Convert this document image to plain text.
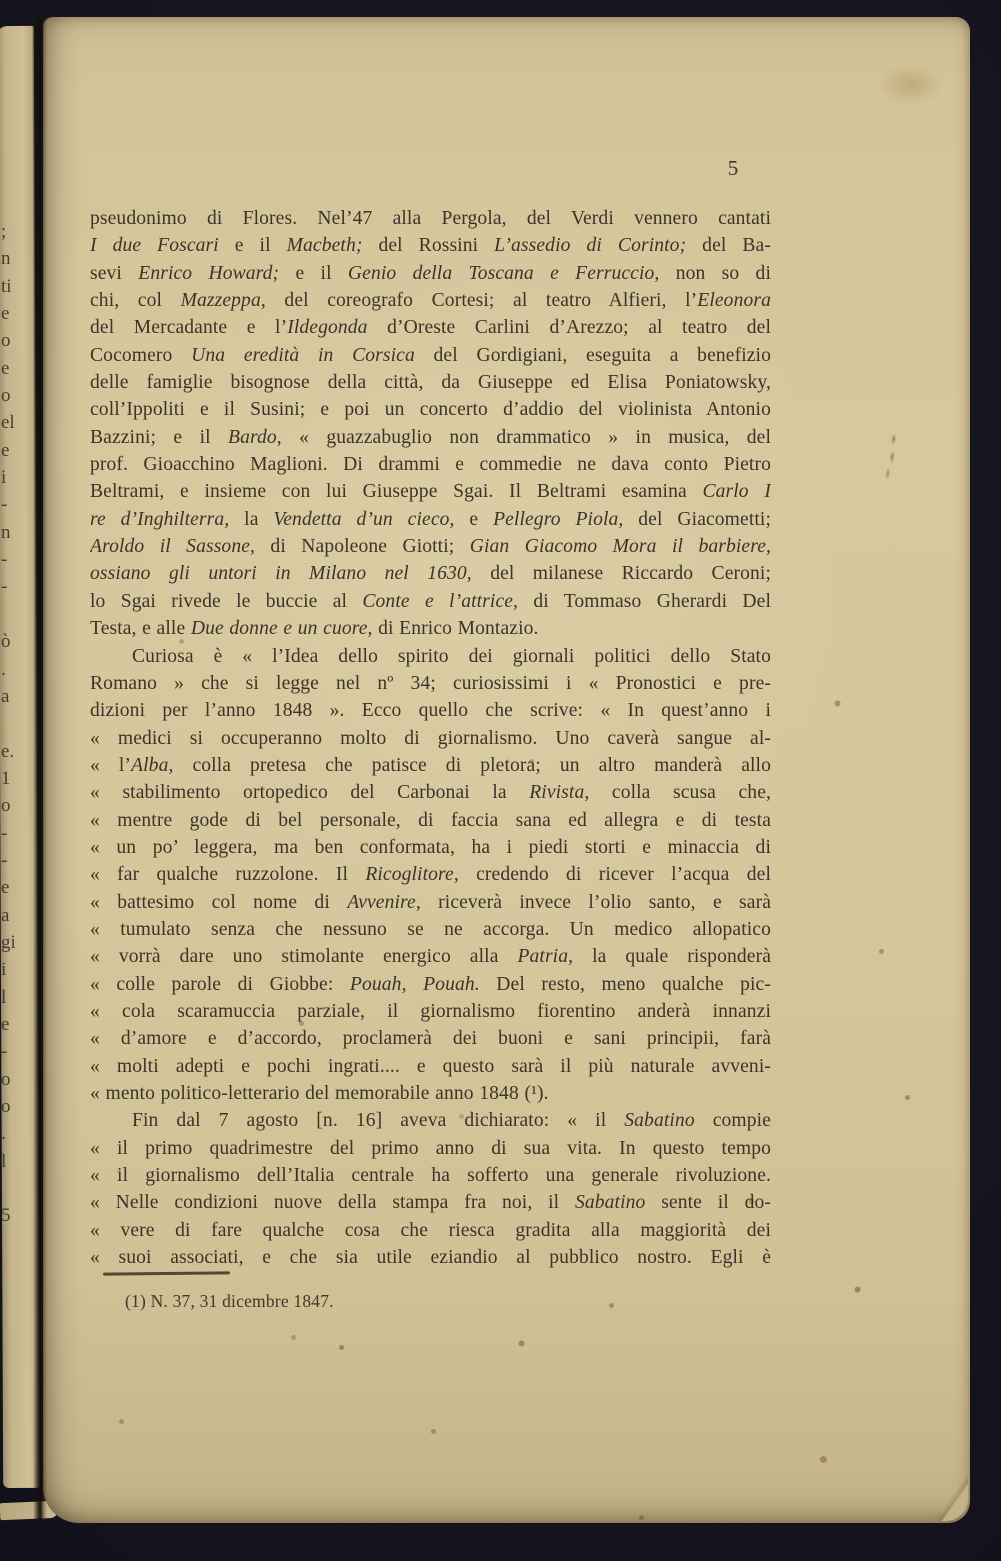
;
n
ti
e
o
e
o
el
e
i
-
n
-
-
ò
.
a
e.
1
o
-
-
e
a
gi
i
l
e
-
o
o
.
l
5
5
pseudonimo di Flores. Nel’47 alla Pergola, del Verdi vennero cantati
I due Foscari e il Macbeth; del Rossini L’assedio di Corinto; del Ba-
sevi Enrico Howard; e il Genio della Toscana e Ferruccio, non so di
chi, col Mazzeppa, del coreografo Cortesi; al teatro Alfieri, l’Eleonora
del Mercadante e l’Ildegonda d’Oreste Carlini d’Arezzo; al teatro del
Cocomero Una eredità in Corsica del Gordigiani, eseguita a benefizio
delle famiglie bisognose della città, da Giuseppe ed Elisa Poniatowsky,
coll’Ippoliti e il Susini; e poi un concerto d’addio del violinista Antonio
Bazzini; e il Bardo, « guazzabuglio non drammatico » in musica, del
prof. Gioacchino Maglioni. Di drammi e commedie ne dava conto Pietro
Beltrami, e insieme con lui Giuseppe Sgai. Il Beltrami esamina Carlo I
re d’Inghilterra, la Vendetta d’un cieco, e Pellegro Piola, del Giacometti;
Aroldo il Sassone, di Napoleone Giotti; Gian Giacomo Mora il barbiere,
ossiano gli untori in Milano nel 1630, del milanese Riccardo Ceroni;
lo Sgai rivede le buccie al Conte e l’attrice, di Tommaso Gherardi Del
Testa, e alle Due donne e un cuore, di Enrico Montazio.
Curiosa è « l’Idea dello spirito dei giornali politici dello Stato
Romano » che si legge nel nº 34; curiosissimi i « Pronostici e pre-
dizioni per l’anno 1848 ». Ecco quello che scrive: « In quest’anno i
« medici si occuperanno molto di giornalismo. Uno caverà sangue al-
« l’Alba, colla pretesa che patisce di pletora; un altro manderà allo
« stabilimento ortopedico del Carbonai la Rivista, colla scusa che,
« mentre gode di bel personale, di faccia sana ed allegra e di testa
« un po’ leggera, ma ben conformata, ha i piedi storti e minaccia di
« far qualche ruzzolone. Il Ricoglitore, credendo di ricever l’acqua del
« battesimo col nome di Avvenire, riceverà invece l’olio santo, e sarà
« tumulato senza che nessuno se ne accorga. Un medico allopatico
« vorrà dare uno stimolante energico alla Patria, la quale risponderà
« colle parole di Giobbe: Pouah, Pouah. Del resto, meno qualche pic-
« cola scaramuccia parziale, il giornalismo fiorentino anderà innanzi
« d’amore e d’accordo, proclamerà dei buoni e sani principii, farà
« molti adepti e pochi ingrati.... e questo sarà il più naturale avveni-
« mento politico-letterario del memorabile anno 1848 (¹).
Fin dal 7 agosto [n. 16] aveva dichiarato: « il Sabatino compie
« il primo quadrimestre del primo anno di sua vita. In questo tempo
« il giornalismo dell’Italia centrale ha sofferto una generale rivoluzione.
« Nelle condizioni nuove della stampa fra noi, il Sabatino sente il do-
« vere di fare qualche cosa che riesca gradita alla maggiorità dei
« suoi associati, e che sia utile eziandio al pubblico nostro. Egli è
(1) N. 37, 31 dicembre 1847.
